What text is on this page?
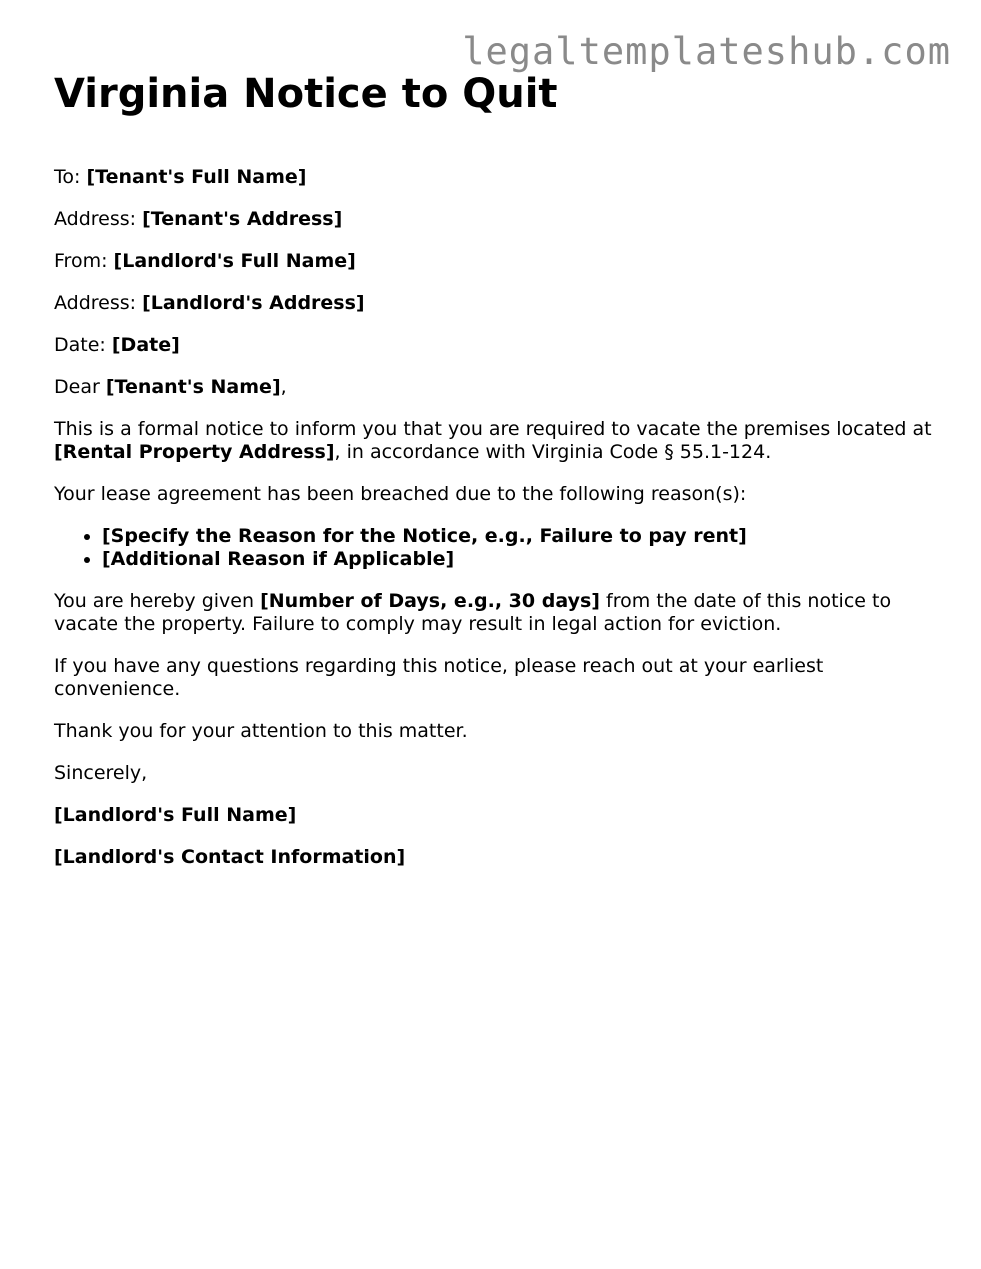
legaltemplateshub.com
Virginia Notice to Quit

To: [Tenant's Full Name]

Address: [Tenant's Address]

From: [Landlord's Full Name]

Address: [Landlord's Address]

Date: [Date]

Dear [Tenant's Name],

This is a formal notice to inform you that you are required to vacate the premises located at [Rental Property Address], in accordance with Virginia Code § 55.1-124.

Your lease agreement has been breached due to the following reason(s):

• [Specify the Reason for the Notice, e.g., Failure to pay rent]
• [Additional Reason if Applicable]

You are hereby given [Number of Days, e.g., 30 days] from the date of this notice to vacate the property. Failure to comply may result in legal action for eviction.

If you have any questions regarding this notice, please reach out at your earliest convenience.

Thank you for your attention to this matter.

Sincerely,

[Landlord's Full Name]

[Landlord's Contact Information]
